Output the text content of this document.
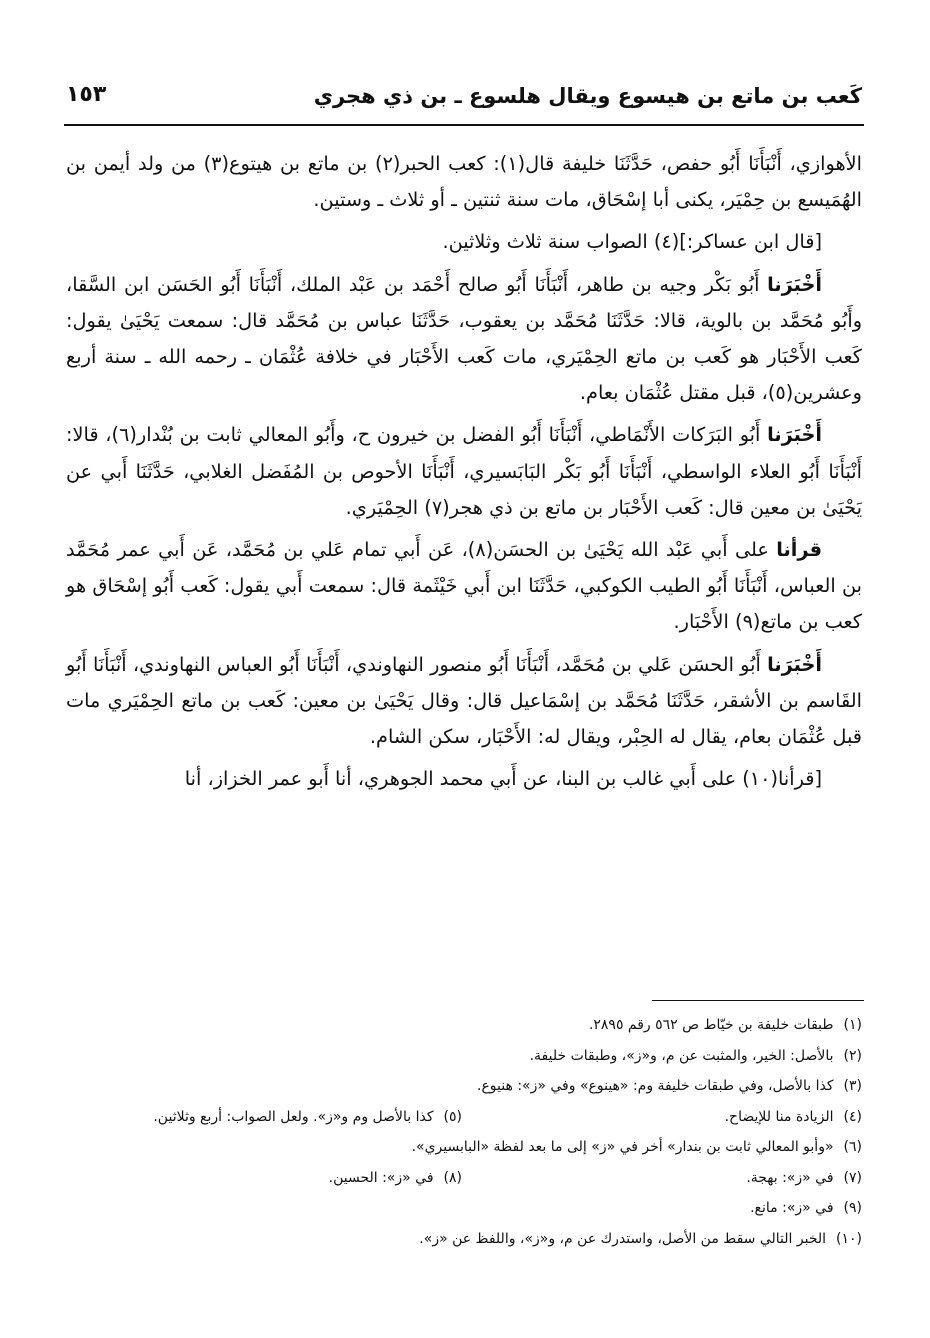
كَعب بن ماتع بن هيسوع ويقال هلسوع ـ بن ذي هجري
١٥٣

الأهوازي، أَنْبَأَنَا أَبُو حفص، حَدَّثَنَا خليفة قال(١): كعب الحبر(٢) بن ماتع بن هيتوع(٣) من ولد أيمن بن الهُمَيسع بن حِمْيَر، يكنى أبا إسْحَاق، مات سنة ثنتين ـ أو ثلاث ـ وستين.

[قال ابن عساكر:](٤) الصواب سنة ثلاث وثلاثين.

أَخْبَرَنا أَبُو بَكْر وجيه بن طاهر، أَنْبَأَنَا أَبُو صالح أَحْمَد بن عَبْد الملك، أَنْبَأَنَا أَبُو الحَسَن ابن السَّقا، وأَبُو مُحَمَّد بن بالوية، قالا: حَدَّثَنَا مُحَمَّد بن يعقوب، حَدَّثَنَا عباس بن مُحَمَّد قال: سمعت يَحْيَىٰ يقول: كَعب الأَحْبَار هو كَعب بن ماتع الحِمْيَري، مات كَعب الأَحْبَار في خلافة عُثْمَان ـ رحمه الله ـ سنة أربع وعشرين(٥)، قبل مقتل عُثْمَان بعام.

أَخْبَرَنا أَبُو البَرَكات الأَنْمَاطي، أَنْبَأَنَا أَبُو الفضل بن خيرون ح، وأَبُو المعالي ثابت بن بُنْدار(٦)، قالا: أَنْبَأَنَا أَبُو العلاء الواسطي، أَنْبَأَنَا أَبُو بَكْر البَابَسيري، أَنْبَأَنَا الأحوص بن المُفَضل الغلابي، حَدَّثَنَا أَبي عن يَحْيَىٰ بن معين قال: كَعب الأَحْبَار بن ماتع بن ذي هجر(٧) الحِمْيَري.

قرأنا على أَبي عَبْد الله يَحْيَىٰ بن الحسَن(٨)، عَن أَبي تمام عَلي بن مُحَمَّد، عَن أَبي عمر مُحَمَّد بن العباس، أَنْبَأَنَا أَبُو الطيب الكوكبي، حَدَّثَنَا ابن أَبي خَيْثَمة قال: سمعت أَبي يقول: كَعب أَبُو إسْحَاق هو كعب بن ماتع(٩) الأَحْبَار.

أَخْبَرَنا أَبُو الحسَن عَلي بن مُحَمَّد، أَنْبَأَنَا أَبُو منصور النهاوندي، أَنْبَأَنَا أَبُو العباس النهاوندي، أَنْبَأَنَا أَبُو القَاسم بن الأشقر، حَدَّثَنَا مُحَمَّد بن إسْمَاعيل قال: وقال يَحْيَىٰ بن معين: كَعب بن ماتع الحِمْيَري مات قبل عُثْمَان بعام، يقال له الحِبْر، ويقال له: الأَحْبَار، سكن الشام.

[قرأنا(١٠) على أَبي غالب بن البنا، عن أَبي محمد الجوهري، أنا أَبو عمر الخزاز، أنا

(١)طبقات خليفة بن خيّاط ص ٥٦٢ رقم ٢٨٩٥.
(٢)بالأصل: الخير، والمثبت عن م، و«ز»، وطبقات خليفة.
(٣)كذا بالأصل، وفي طبقات خليفة وم: «هينوع» وفي «ز»: هنيوع.
(٤)الزيادة منا للإيضاح.
(٥)كذا بالأصل وم و«ز». ولعل الصواب: أربع وثلاثين.
(٦)«وأبو المعالي ثابت بن بندار» أخر في «ز» إلى ما بعد لفظة «البابسيري».
(٧)في «ز»: بهجة.
(٨)في «ز»: الحسين.
(٩)في «ز»: مانع.
(١٠)الخبر التالي سقط من الأصل، واستدرك عن م، و«ز»، واللفظ عن «ز».
